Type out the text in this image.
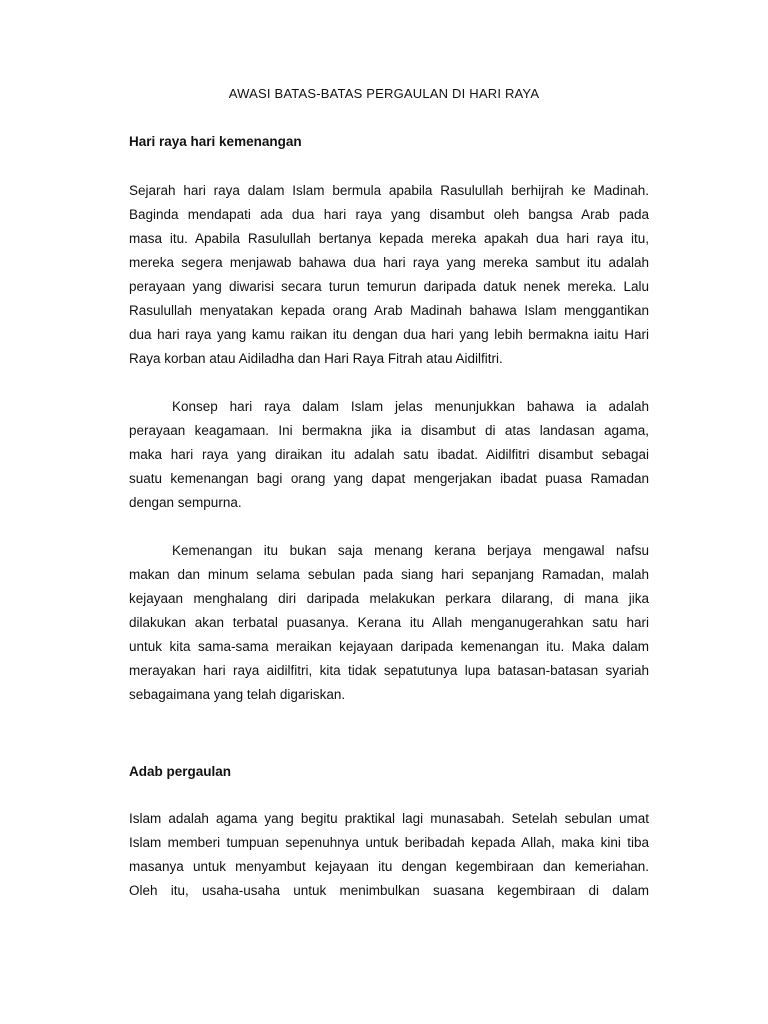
AWASI BATAS-BATAS PERGAULAN DI HARI RAYA
Hari raya hari kemenangan
Sejarah hari raya dalam Islam bermula apabila Rasulullah berhijrah ke Madinah.
Baginda mendapati ada dua hari raya yang disambut oleh bangsa Arab pada
masa itu. Apabila Rasulullah bertanya kepada mereka apakah dua hari raya itu,
mereka segera menjawab bahawa dua hari raya yang mereka sambut itu adalah
perayaan yang diwarisi secara turun temurun daripada datuk nenek mereka. Lalu
Rasulullah menyatakan kepada orang Arab Madinah bahawa Islam menggantikan
dua hari raya yang kamu raikan itu dengan dua hari yang lebih bermakna iaitu Hari
Raya korban atau Aidiladha dan Hari Raya Fitrah atau Aidilfitri.
Konsep hari raya dalam Islam jelas menunjukkan bahawa ia adalah
perayaan keagamaan. Ini bermakna jika ia disambut di atas landasan agama,
maka hari raya yang diraikan itu adalah satu ibadat. Aidilfitri disambut sebagai
suatu kemenangan bagi orang yang dapat mengerjakan ibadat puasa Ramadan
dengan sempurna.
Kemenangan itu bukan saja menang kerana berjaya mengawal nafsu
makan dan minum selama sebulan pada siang hari sepanjang Ramadan, malah
kejayaan menghalang diri daripada melakukan perkara dilarang, di mana jika
dilakukan akan terbatal puasanya. Kerana itu Allah menganugerahkan satu hari
untuk kita sama-sama meraikan kejayaan daripada kemenangan itu. Maka dalam
merayakan hari raya aidilfitri, kita tidak sepatutunya lupa batasan-batasan syariah
sebagaimana yang telah digariskan.
Adab pergaulan
Islam adalah agama yang begitu praktikal lagi munasabah. Setelah sebulan umat
Islam memberi tumpuan sepenuhnya untuk beribadah kepada Allah, maka kini tiba
masanya untuk menyambut kejayaan itu dengan kegembiraan dan kemeriahan.
Oleh itu, usaha-usaha untuk menimbulkan suasana kegembiraan di dalam
